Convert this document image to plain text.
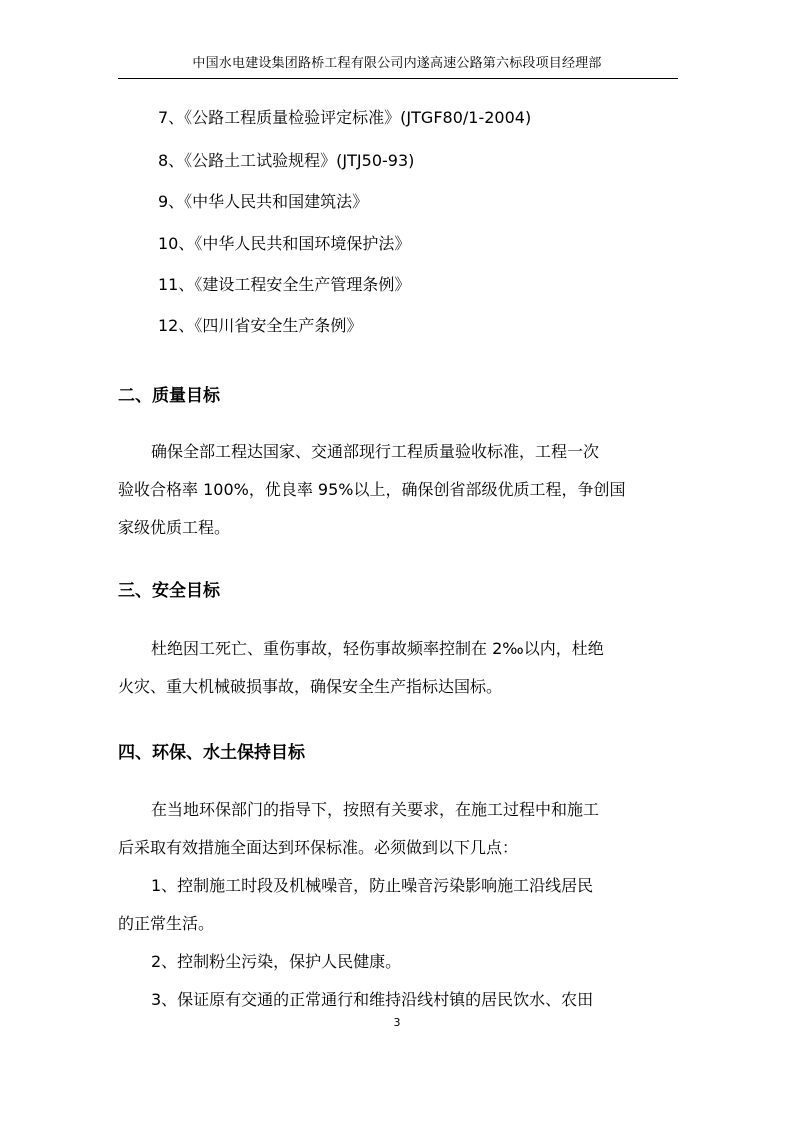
中国水电建设集团路桥工程有限公司内遂高速公路第六标段项目经理部
7、《公路工程质量检验评定标准》(JTGF80/1-2004)
8、《公路土工试验规程》(JTJ50-93)
9、《中华人民共和国建筑法》
10、《中华人民共和国环境保护法》
11、《建设工程安全生产管理条例》
12、《四川省安全生产条例》
二、质量目标
确保全部工程达国家、交通部现行工程质量验收标准，工程一次
验收合格率 100%，优良率 95%以上，确保创省部级优质工程，争创国
家级优质工程。
三、安全目标
杜绝因工死亡、重伤事故，轻伤事故频率控制在 2‰以内，杜绝
火灾、重大机械破损事故，确保安全生产指标达国标。
四、环保、水土保持目标
在当地环保部门的指导下，按照有关要求，在施工过程中和施工
后采取有效措施全面达到环保标准。必须做到以下几点：
1、控制施工时段及机械噪音，防止噪音污染影响施工沿线居民
的正常生活。
2、控制粉尘污染，保护人民健康。
3、保证原有交通的正常通行和维持沿线村镇的居民饮水、农田
3
